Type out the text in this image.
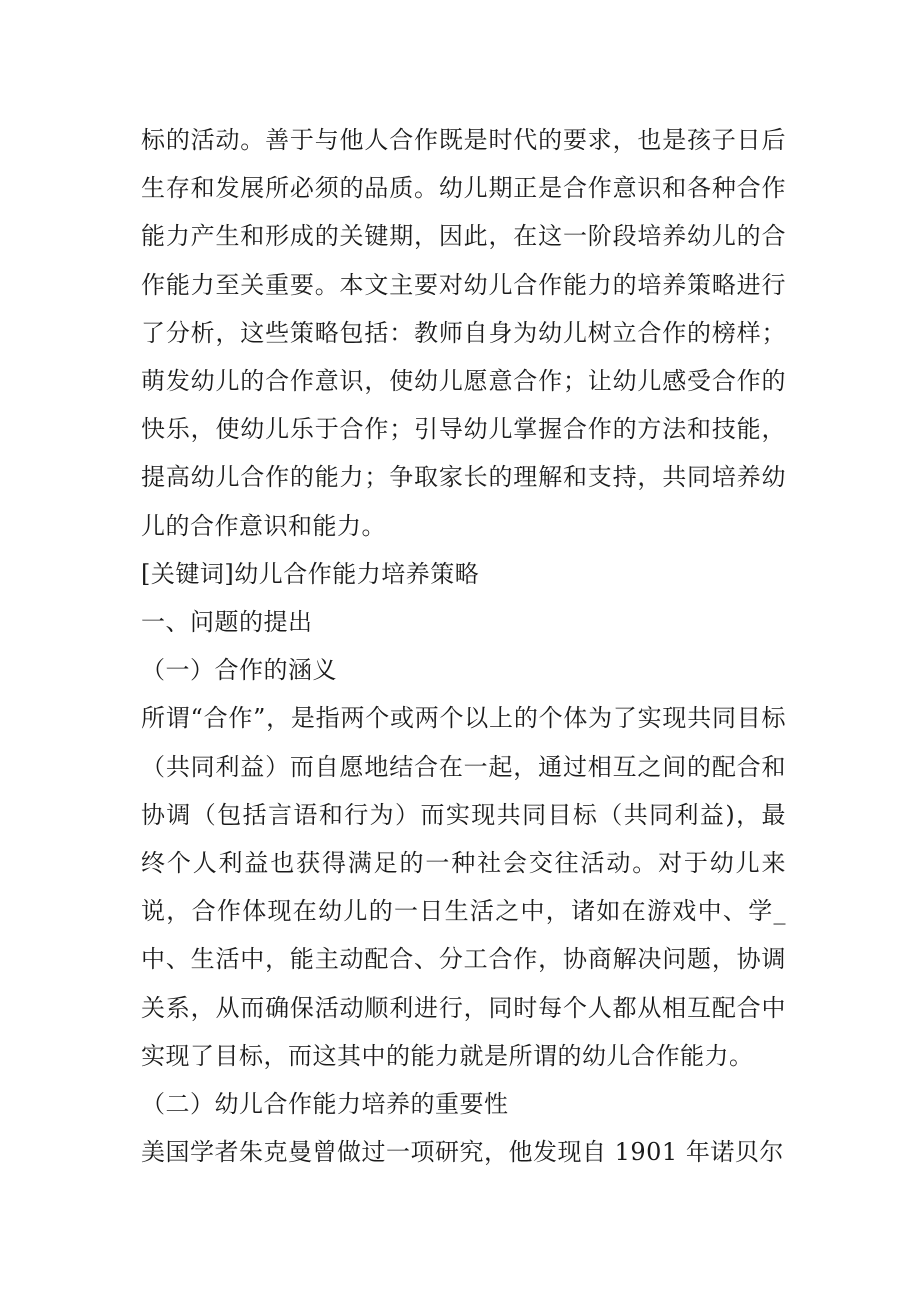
标的活动。善于与他人合作既是时代的要求，也是孩子日后生存和发展所必须的品质。幼儿期正是合作意识和各种合作能力产生和形成的关键期，因此，在这一阶段培养幼儿的合作能力至关重要。本文主要对幼儿合作能力的培养策略进行了分析，这些策略包括：教师自身为幼儿树立合作的榜样；萌发幼儿的合作意识，使幼儿愿意合作；让幼儿感受合作的快乐，使幼儿乐于合作；引导幼儿掌握合作的方法和技能，提高幼儿合作的能力；争取家长的理解和支持，共同培养幼儿的合作意识和能力。

[关键词]幼儿合作能力培养策略

一、问题的提出

（一）合作的涵义

所谓“合作”，是指两个或两个以上的个体为了实现共同目标（共同利益）而自愿地结合在一起，通过相互之间的配合和协调（包括言语和行为）而实现共同目标（共同利益)，最终个人利益也获得满足的一种社会交往活动。对于幼儿来说，合作体现在幼儿的一日生活之中，诸如在游戏中、学_中、生活中，能主动配合、分工合作，协商解决问题，协调关系，从而确保活动顺利进行，同时每个人都从相互配合中实现了目标，而这其中的能力就是所谓的幼儿合作能力。

（二）幼儿合作能力培养的重要性

美国学者朱克曼曾做过一项研究，他发现自 1901 年诺贝尔
